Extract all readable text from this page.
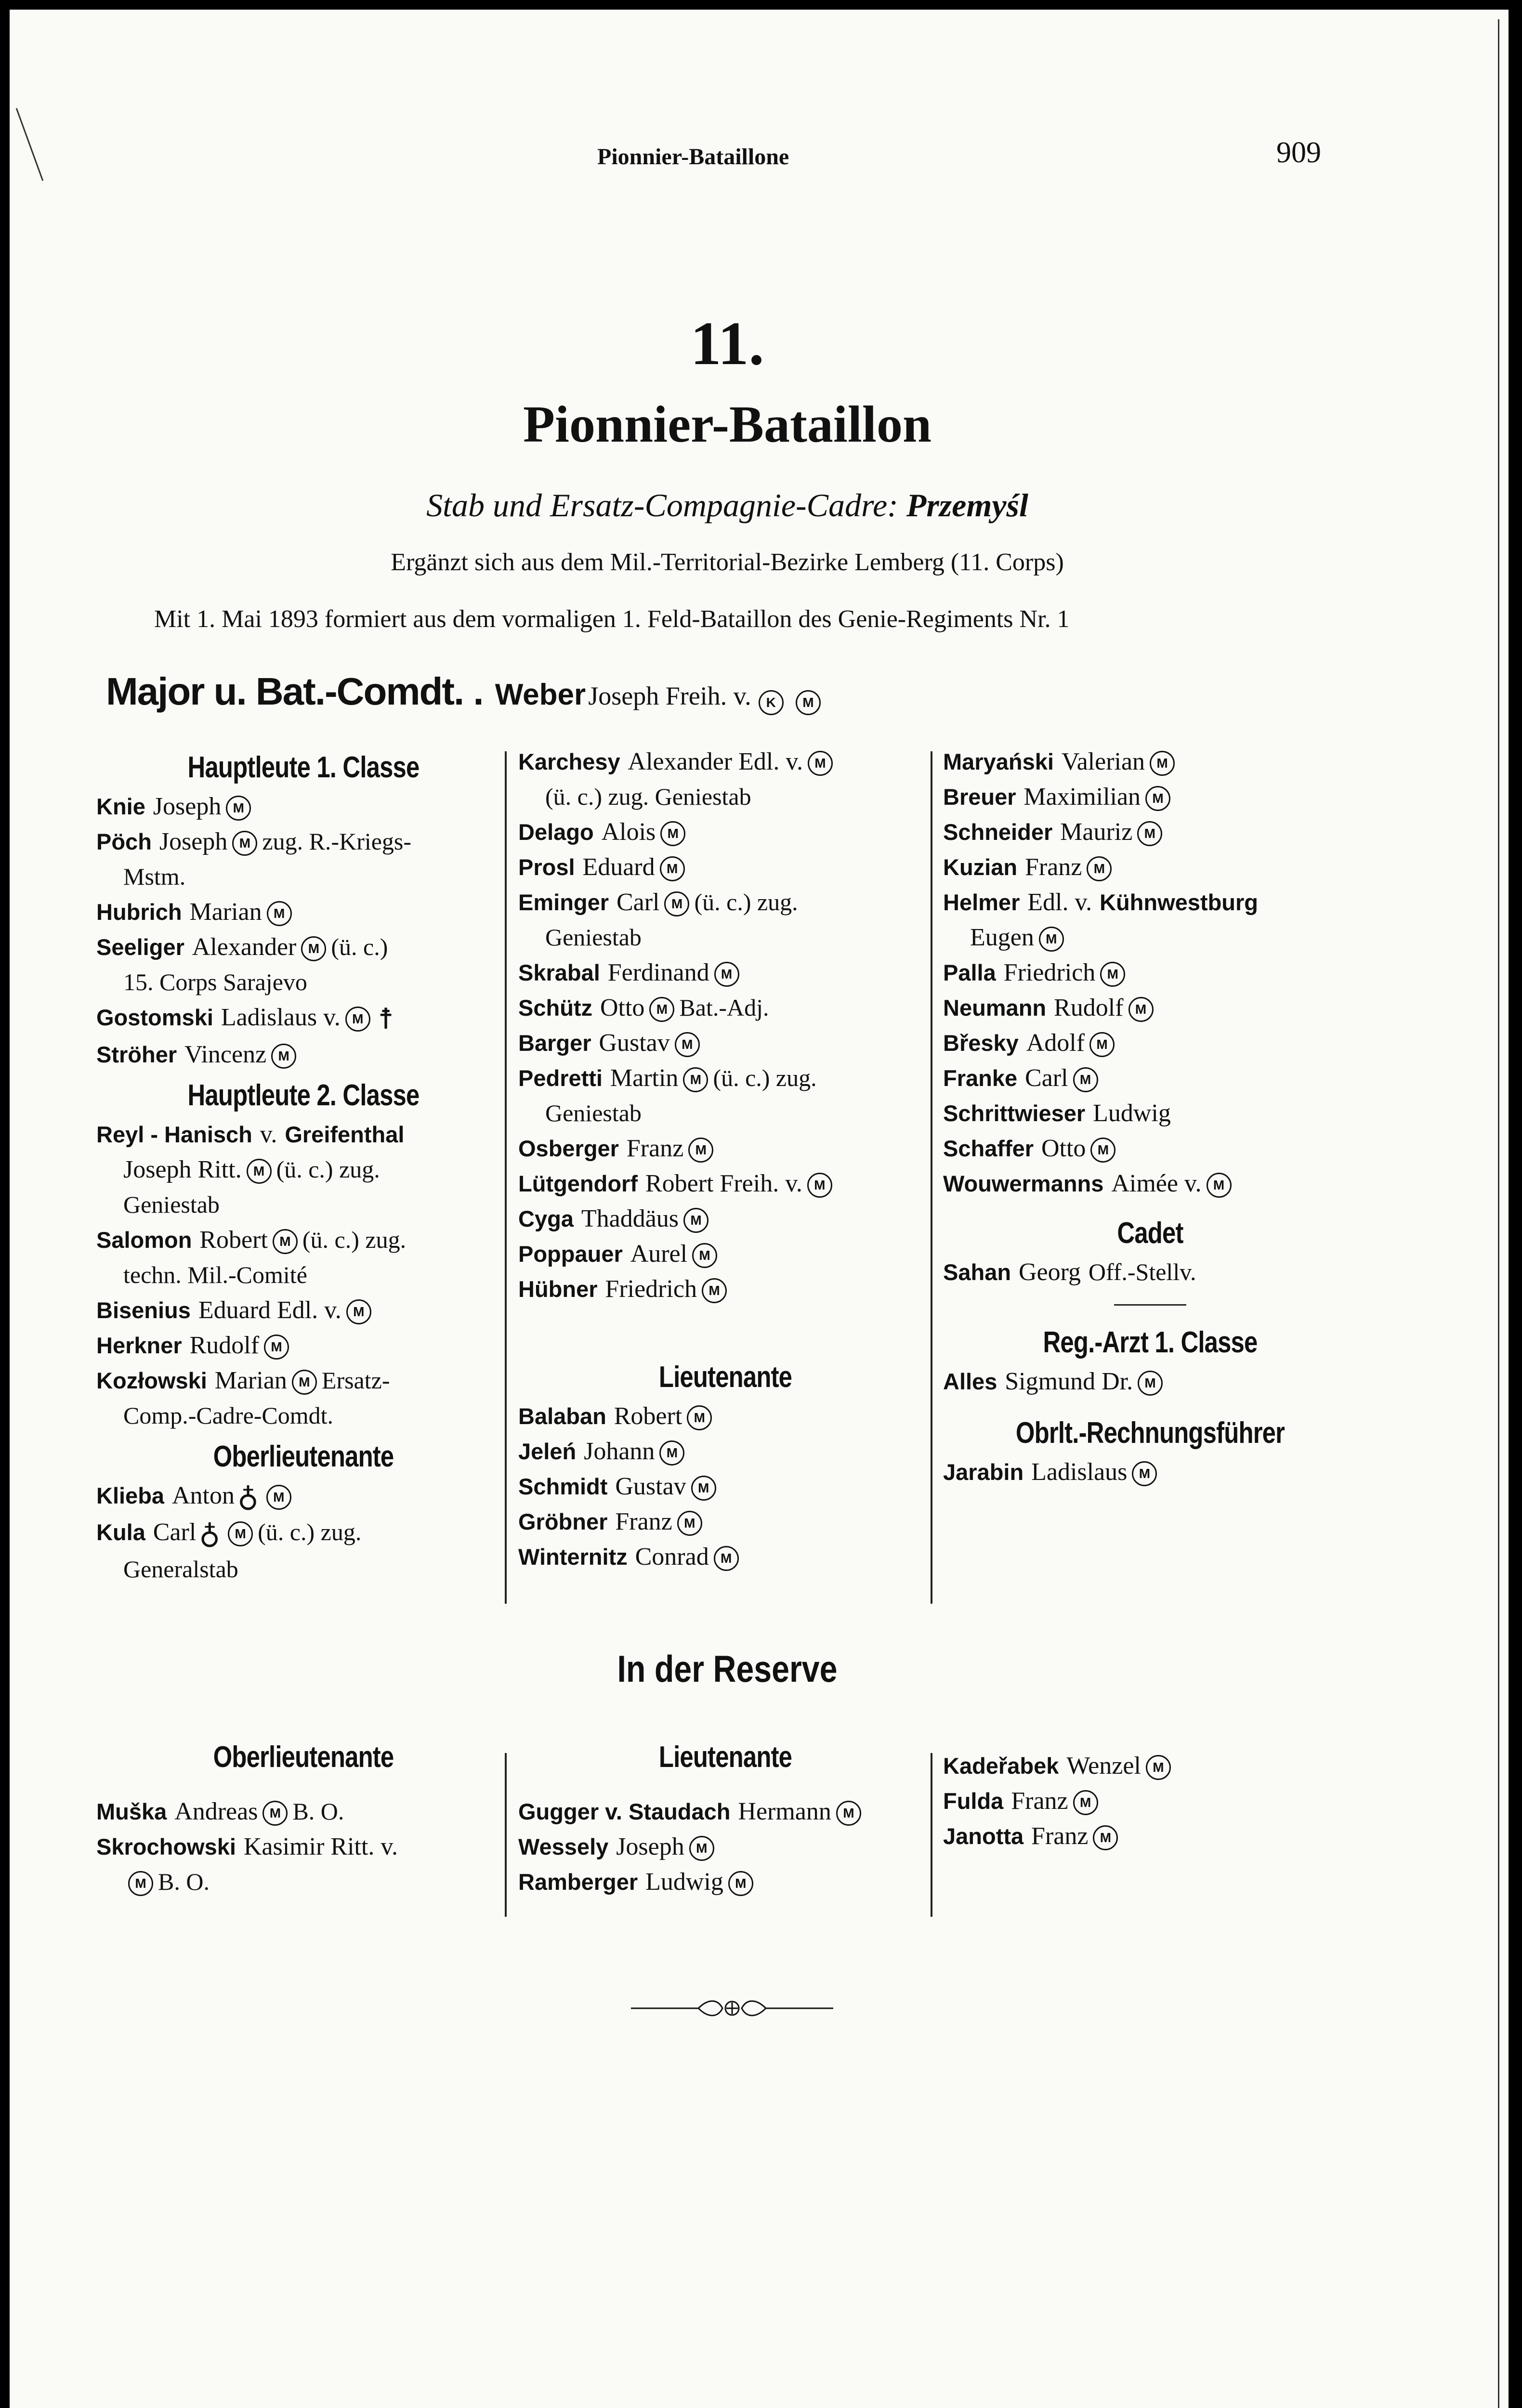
Pionnier-Bataillone	909
11.
Pionnier-Bataillon
Stab und Ersatz-Compagnie-Cadre: Przemyśl
Ergänzt sich aus dem Mil.-Territorial-Bezirke Lemberg (11. Corps)
Mit 1. Mai 1893 formiert aus dem vormaligen 1. Feld-Bataillon des Genie-Regiments Nr. 1
Major u. Bat.-Comdt. . Weber Joseph Freih. v. K M
Hauptleute 1. Classe
Knie Joseph M
Pöch Joseph M zug. R.-Kriegs-
Mstm.
Hubrich Marian M
Seeliger Alexander M (ü. c.)
15. Corps Sarajevo
Gostomski Ladislaus v. M ☨
Ströher Vincenz M
Hauptleute 2. Classe
Reyl - Hanisch v. Greifenthal
Joseph Ritt. M (ü. c.) zug.
Geniestab
Salomon Robert M (ü. c.) zug.
techn. Mil.-Comité
Bisenius Eduard Edl. v. M
Herkner Rudolf M
Kozłowski Marian M Ersatz-
Comp.-Cadre-Comdt.
Oberlieutenante
Klieba Anton ♁ M
Kula Carl ♁ M (ü. c.) zug.
Generalstab
Karchesy Alexander Edl. v. M
(ü. c.) zug. Geniestab
Delago Alois M
Prosl Eduard M
Eminger Carl M (ü. c.) zug.
Geniestab
Skrabal Ferdinand M
Schütz Otto M Bat.-Adj.
Barger Gustav M
Pedretti Martin M (ü. c.) zug.
Geniestab
Osberger Franz M
Lütgendorf Robert Freih. v. M
Cyga Thaddäus M
Poppauer Aurel M
Hübner Friedrich M
Lieutenante
Balaban Robert M
Jeleń Johann M
Schmidt Gustav M
Gröbner Franz M
Winternitz Conrad M
Maryański Valerian M
Breuer Maximilian M
Schneider Mauriz M
Kuzian Franz M
Helmer Edl. v. Kühnwestburg
Eugen M
Palla Friedrich M
Neumann Rudolf M
Břesky Adolf M
Franke Carl M
Schrittwieser Ludwig
Schaffer Otto M
Wouwermanns Aimée v. M
Cadet
Sahan Georg Off.-Stellv.
Reg.-Arzt 1. Classe
Alles Sigmund Dr. M
Obrlt.-Rechnungsführer
Jarabin Ladislaus M
In der Reserve
Oberlieutenante
Muška Andreas M B. O.
Skrochowski Kasimir Ritt. v.
M B. O.
Lieutenante
Gugger v. Staudach Hermann M
Wessely Joseph M
Ramberger Ludwig M
Kadeřabek Wenzel M
Fulda Franz M
Janotta Franz M
